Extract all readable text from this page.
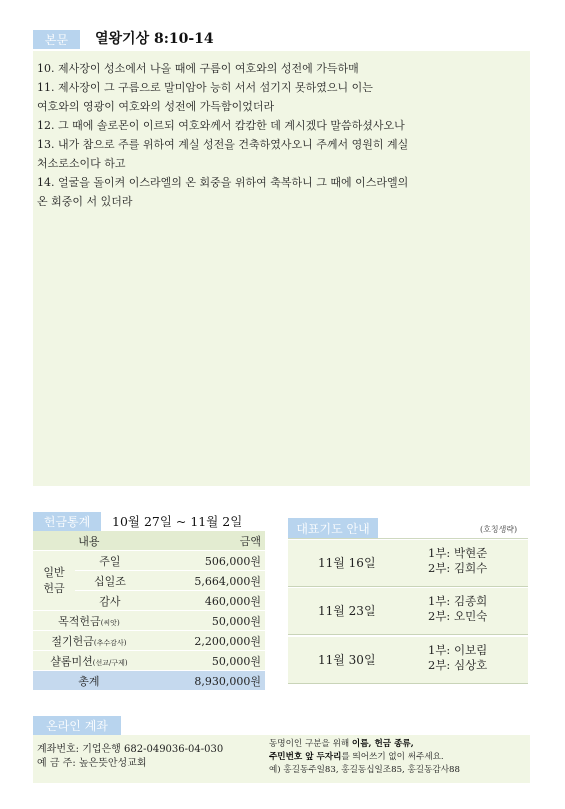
본문	열왕기상 8:10-14
10. 제사장이 성소에서 나올 때에 구름이 여호와의 성전에 가득하매
11. 제사장이 그 구름으로 말미암아 능히 서서 섬기지 못하였으니 이는
여호와의 영광이 여호와의 성전에 가득함이었더라
12. 그 때에 솔로몬이 이르되 여호와께서 캄캄한 데 계시겠다 말씀하셨사오나
13. 내가 참으로 주를 위하여 계실 성전을 건축하였사오니 주께서 영원히 계실
처소로소이다 하고
14. 얼굴을 돌이켜 이스라엘의 온 회중을 위하여 축복하니 그 때에 이스라엘의
온 회중이 서 있더라
헌금통계	10월 27일 ~ 11월 2일
내용		금액
일반 헌금	주일	506,000원
	십일조	5,664,000원
	감사	460,000원
목적헌금(씨앗)		50,000원
절기헌금(추수감사)		2,200,000원
샬롬미션(선교/구제)		50,000원
총계		8,930,000원
대표기도 안내	(호칭생략)
11월 16일
1부: 박현준
2부: 김희수
11월 23일
1부: 김종희
2부: 오민숙
11월 30일
1부: 이보림
2부: 심상호
온라인 계좌
계좌번호: 기업은행 682-049036-04-030
예 금 주: 높은뜻안성교회
동명이인 구분을 위해 이름, 헌금 종류,
주민번호 앞 두자리를 띄어쓰기 없이 써주세요.
예) 홍길동주일83, 홍길동십일조85, 홍길동감사88
